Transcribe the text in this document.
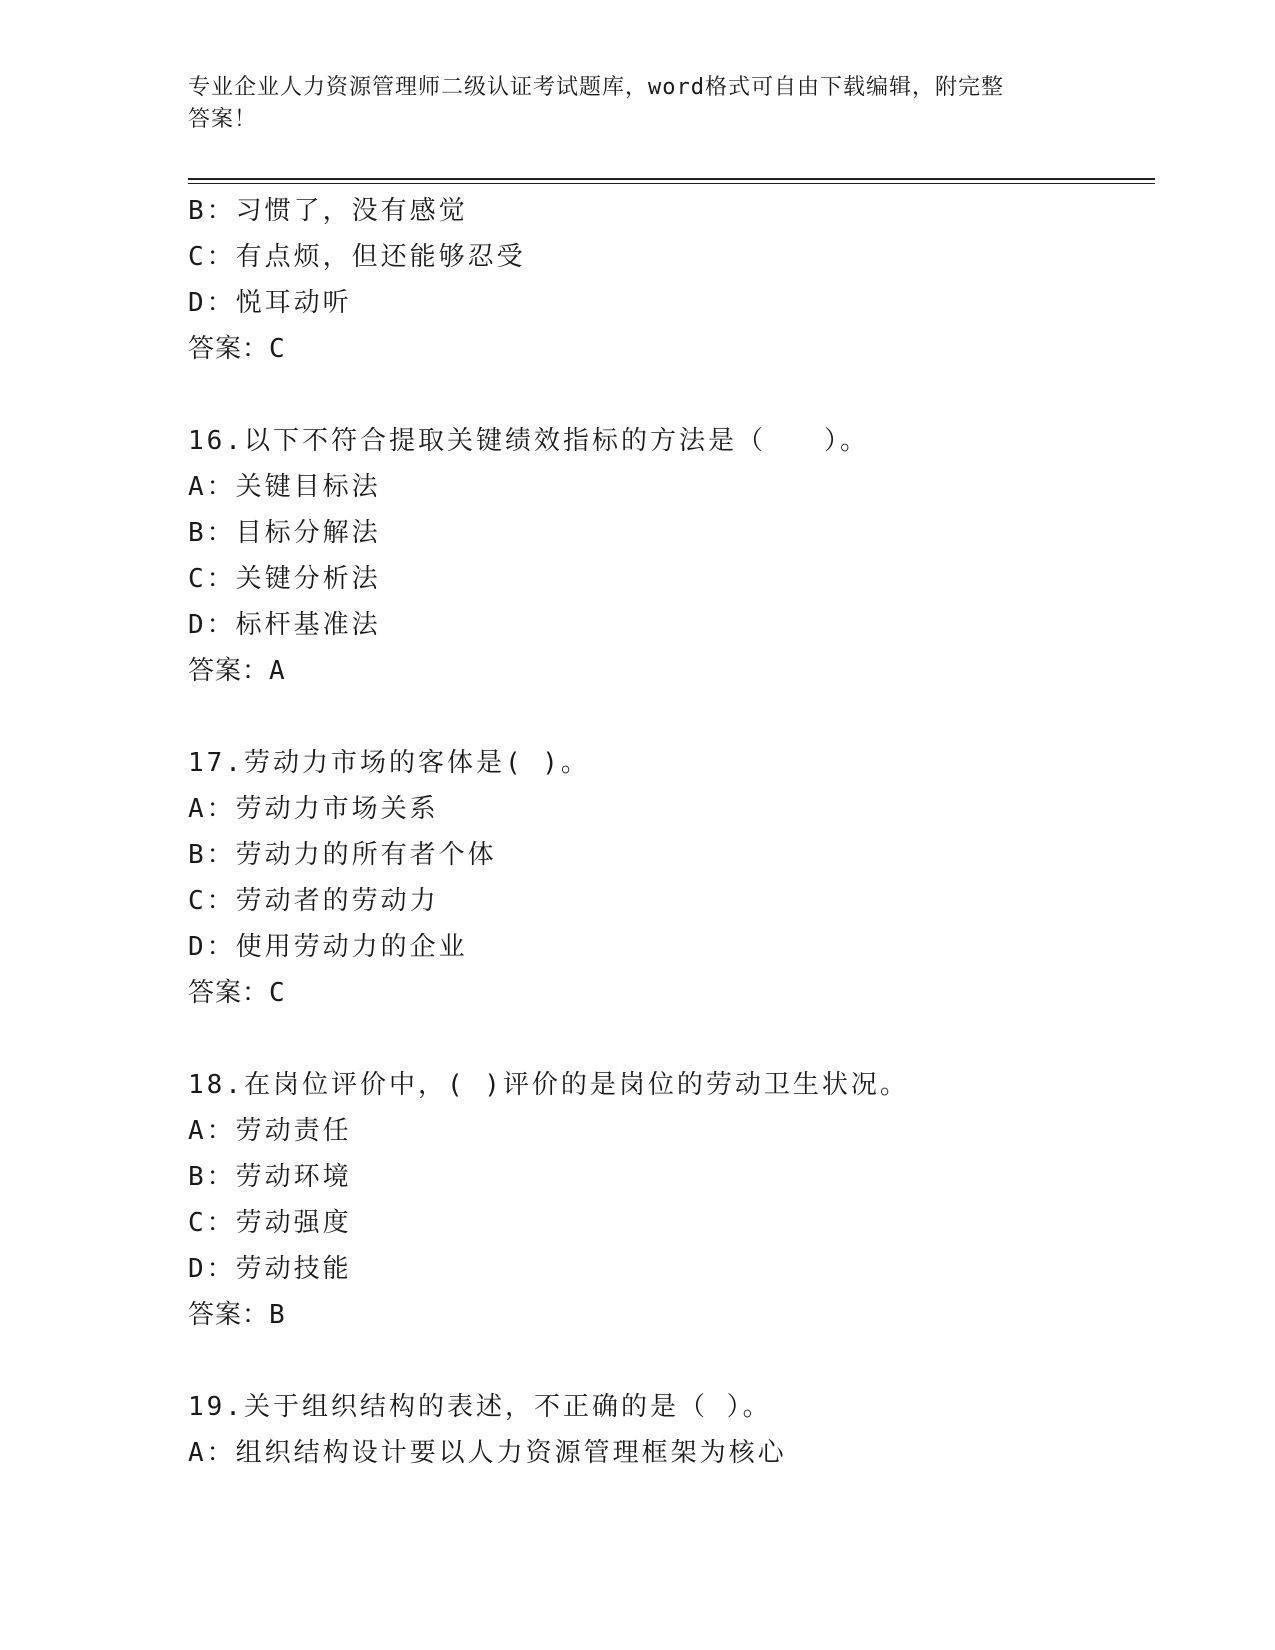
专业企业人力资源管理师二级认证考试题库，word格式可自由下载编辑，附完整
答案！
B：习惯了，没有感觉
C：有点烦，但还能够忍受
D：悦耳动听
答案：C
16.以下不符合提取关键绩效指标的方法是（　　）。
A：关键目标法
B：目标分解法
C：关键分析法
D：标杆基准法
答案：A
17.劳动力市场的客体是( )。
A：劳动力市场关系
B：劳动力的所有者个体
C：劳动者的劳动力
D：使用劳动力的企业
答案：C
18.在岗位评价中，( )评价的是岗位的劳动卫生状况。
A：劳动责任
B：劳动环境
C：劳动强度
D：劳动技能
答案：B
19.关于组织结构的表述，不正确的是（ ）。
A：组织结构设计要以人力资源管理框架为核心
